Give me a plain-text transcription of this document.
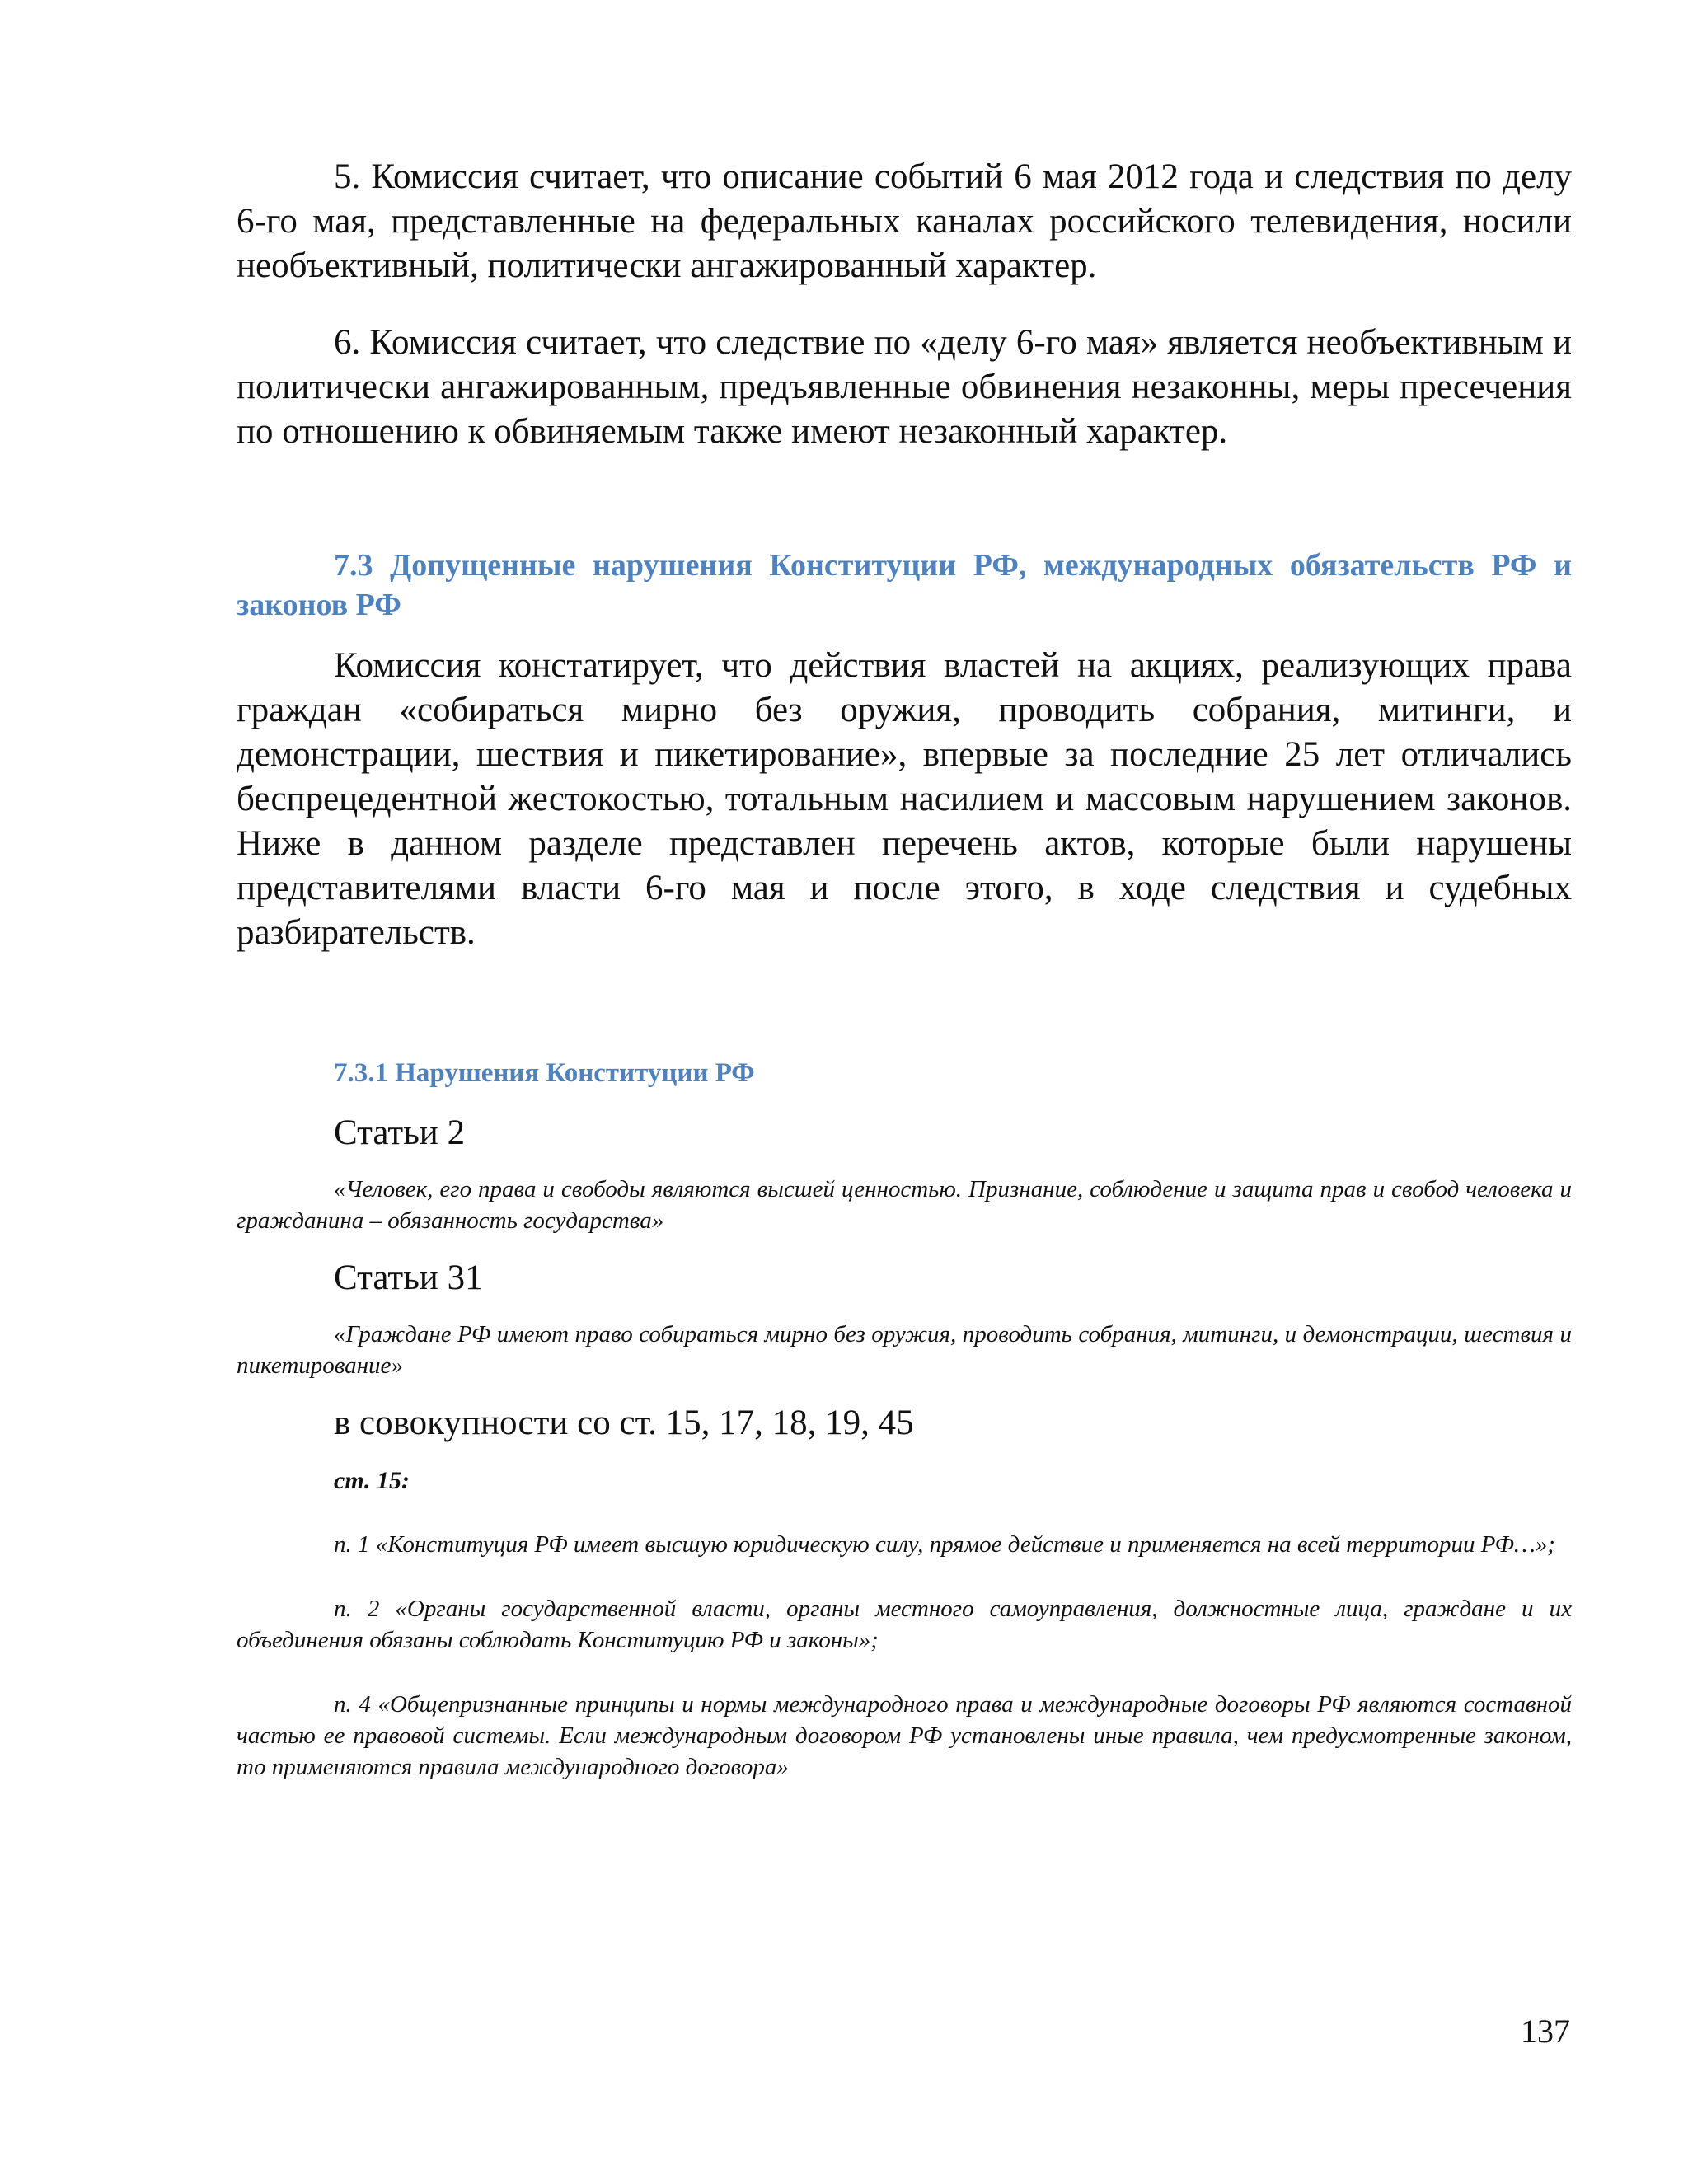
5. Комиссия считает, что описание событий 6 мая 2012 года и следствия по делу 6-го мая, представленные на федеральных каналах российского телевидения, носили необъективный, политически ангажированный характер.

6. Комиссия считает, что следствие по «делу 6-го мая» является необъективным и политически ангажированным, предъявленные обвинения незаконны, меры пресечения по отношению к обвиняемым также имеют незаконный характер.

7.3 Допущенные нарушения Конституции РФ, международных обязательств РФ и законов РФ

Комиссия констатирует, что действия властей на акциях, реализующих права граждан «собираться мирно без оружия, проводить собрания, митинги, и демонстрации, шествия и пикетирование», впервые за последние 25 лет отличались беспрецедентной жестокостью, тотальным насилием и массовым нарушением законов. Ниже в данном разделе представлен перечень актов, которые были нарушены представителями власти 6-го мая и после этого, в ходе следствия и судебных разбирательств.

7.3.1 Нарушения Конституции РФ

Статьи 2

«Человек, его права и свободы являются высшей ценностью. Признание, соблюдение и защита прав и свобод человека и гражданина – обязанность государства»

Статьи 31

«Граждане РФ имеют право собираться мирно без оружия, проводить собрания, митинги, и демонстрации, шествия и пикетирование»

в совокупности со ст. 15, 17, 18, 19, 45

ст. 15:

п. 1 «Конституция РФ имеет высшую юридическую силу, прямое действие и применяется на всей территории РФ…»;

п. 2 «Органы государственной власти, органы местного самоуправления, должностные лица, граждане и их объединения обязаны соблюдать Конституцию РФ и законы»;

п. 4 «Общепризнанные принципы и нормы международного права и международные договоры РФ являются составной частью ее правовой системы. Если международным договором РФ установлены иные правила, чем предусмотренные законом, то применяются правила международного договора»

137
